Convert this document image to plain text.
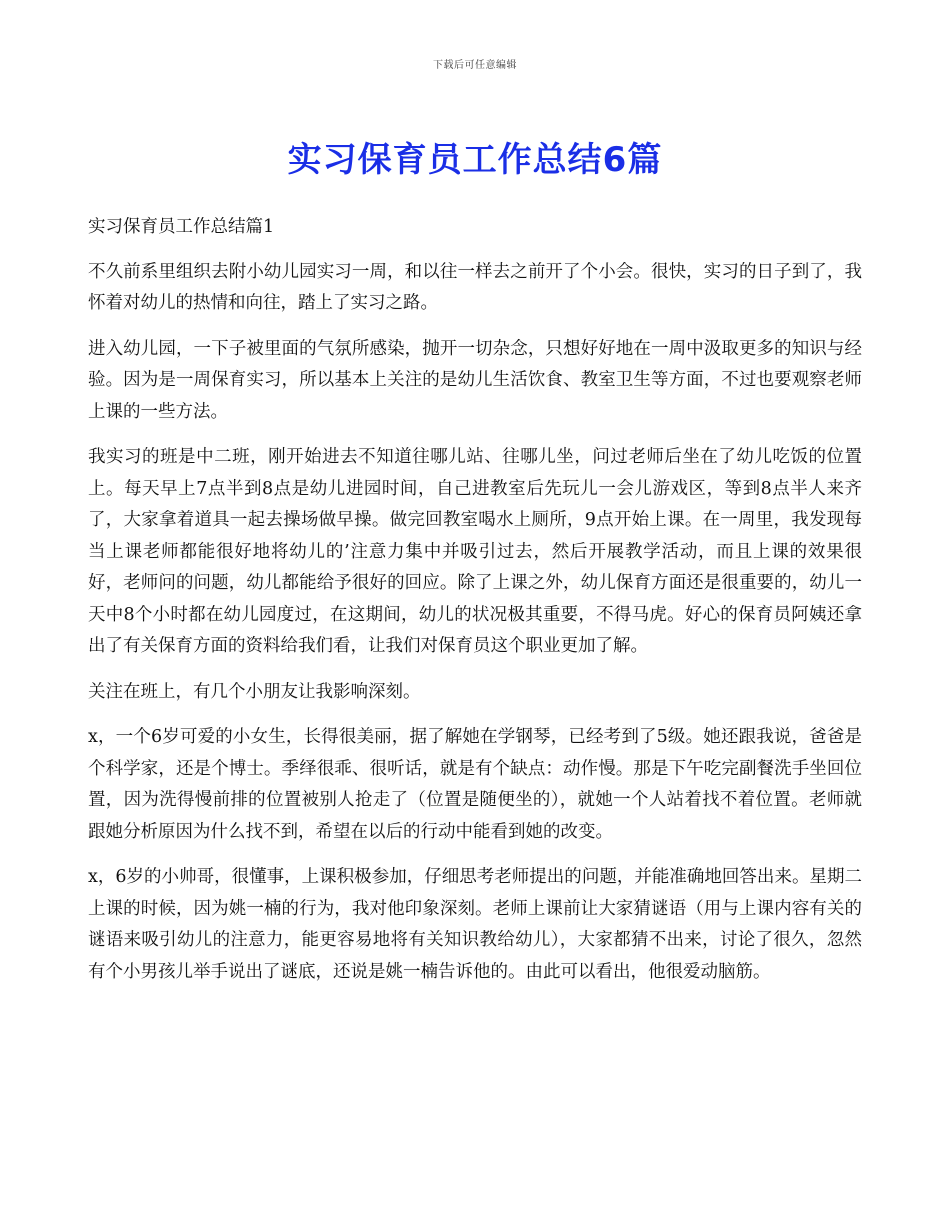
下载后可任意编辑
实习保育员工作总结6篇

实习保育员工作总结篇1

不久前系里组织去附小幼儿园实习一周，和以往一样去之前开了个小会。很快，实习的日子到了，我怀着对幼儿的热情和向往，踏上了实习之路。

进入幼儿园，一下子被里面的气氛所感染，抛开一切杂念，只想好好地在一周中汲取更多的知识与经验。因为是一周保育实习，所以基本上关注的是幼儿生活饮食、教室卫生等方面，不过也要观察老师上课的一些方法。

我实习的班是中二班，刚开始进去不知道往哪儿站、往哪儿坐，问过老师后坐在了幼儿吃饭的位置上。每天早上7点半到8点是幼儿进园时间，自己进教室后先玩儿一会儿游戏区，等到8点半人来齐了，大家拿着道具一起去操场做早操。做完回教室喝水上厕所，9点开始上课。在一周里，我发现每当上课老师都能很好地将幼儿的’注意力集中并吸引过去，然后开展教学活动，而且上课的效果很好，老师问的问题，幼儿都能给予很好的回应。除了上课之外，幼儿保育方面还是很重要的，幼儿一天中8个小时都在幼儿园度过，在这期间，幼儿的状况极其重要，不得马虎。好心的保育员阿姨还拿出了有关保育方面的资料给我们看，让我们对保育员这个职业更加了解。

关注在班上，有几个小朋友让我影响深刻。

x，一个6岁可爱的小女生，长得很美丽，据了解她在学钢琴，已经考到了5级。她还跟我说，爸爸是个科学家，还是个博士。季绎很乖、很听话，就是有个缺点：动作慢。那是下午吃完副餐洗手坐回位置，因为洗得慢前排的位置被别人抢走了（位置是随便坐的），就她一个人站着找不着位置。老师就跟她分析原因为什么找不到，希望在以后的行动中能看到她的改变。

x，6岁的小帅哥，很懂事，上课积极参加，仔细思考老师提出的问题，并能准确地回答出来。星期二上课的时候，因为姚一楠的行为，我对他印象深刻。老师上课前让大家猜谜语（用与上课内容有关的谜语来吸引幼儿的注意力，能更容易地将有关知识教给幼儿），大家都猜不出来，讨论了很久，忽然有个小男孩儿举手说出了谜底，还说是姚一楠告诉他的。由此可以看出，他很爱动脑筋。
